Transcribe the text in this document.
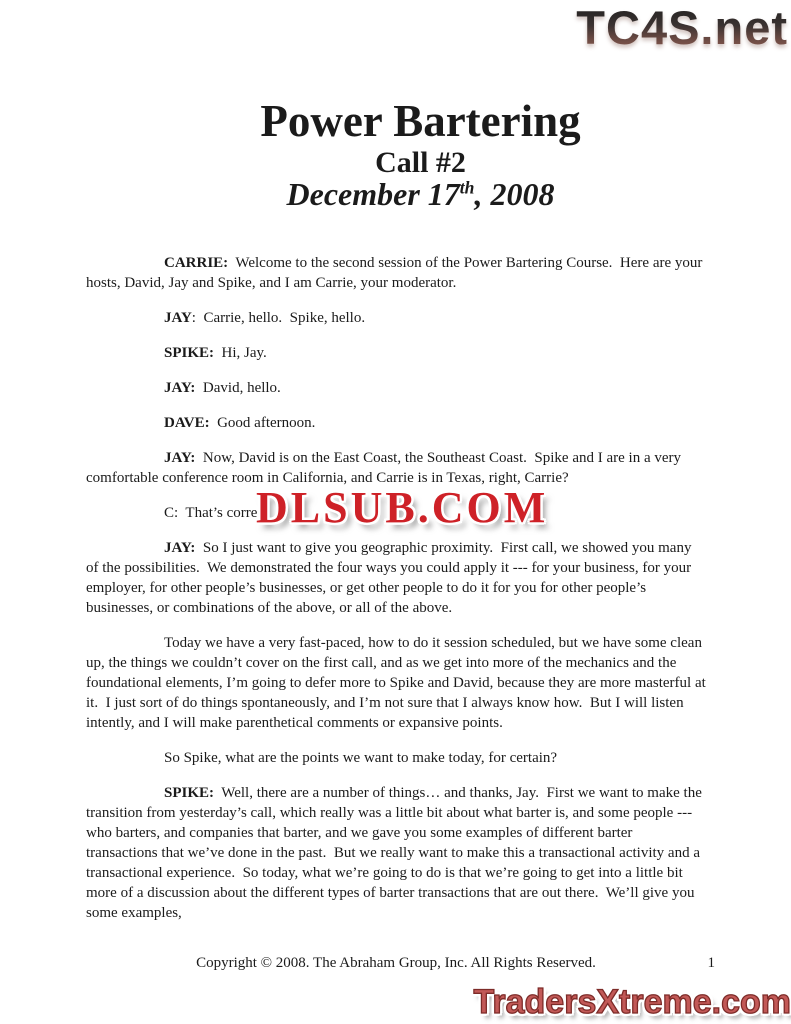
TC4S.net
Power Bartering
Call #2
December 17th, 2008

CARRIE:  Welcome to the second session of the Power Bartering Course.  Here are your hosts, David, Jay and Spike, and I am Carrie, your moderator.

JAY:  Carrie, hello.  Spike, hello.

SPIKE:  Hi, Jay.

JAY:  David, hello.

DAVE:  Good afternoon.

JAY:  Now, David is on the East Coast, the Southeast Coast.  Spike and I are in a very comfortable conference room in California, and Carrie is in Texas, right, Carrie?

C:  That’s corre

JAY:  So I just want to give you geographic proximity.  First call, we showed you many of the possibilities.  We demonstrated the four ways you could apply it --- for your business, for your employer, for other people’s businesses, or get other people to do it for you for other people’s businesses, or combinations of the above, or all of the above.

Today we have a very fast-paced, how to do it session scheduled, but we have some clean up, the things we couldn’t cover on the first call, and as we get into more of the mechanics and the foundational elements, I’m going to defer more to Spike and David, because they are more masterful at it.  I just sort of do things spontaneously, and I’m not sure that I always know how.  But I will listen intently, and I will make parenthetical comments or expansive points.

So Spike, what are the points we want to make today, for certain?

SPIKE:  Well, there are a number of things… and thanks, Jay.  First we want to make the transition from yesterday’s call, which really was a little bit about what barter is, and some people --- who barters, and companies that barter, and we gave you some examples of different barter transactions that we’ve done in the past.  But we really want to make this a transactional activity and a transactional experience.  So today, what we’re going to do is that we’re going to get into a little bit more of a discussion about the different types of barter transactions that are out there.  We’ll give you some examples,

DLSUB.COM
Copyright © 2008. The Abraham Group, Inc. All Rights Reserved.	1
TradersXtreme.com
